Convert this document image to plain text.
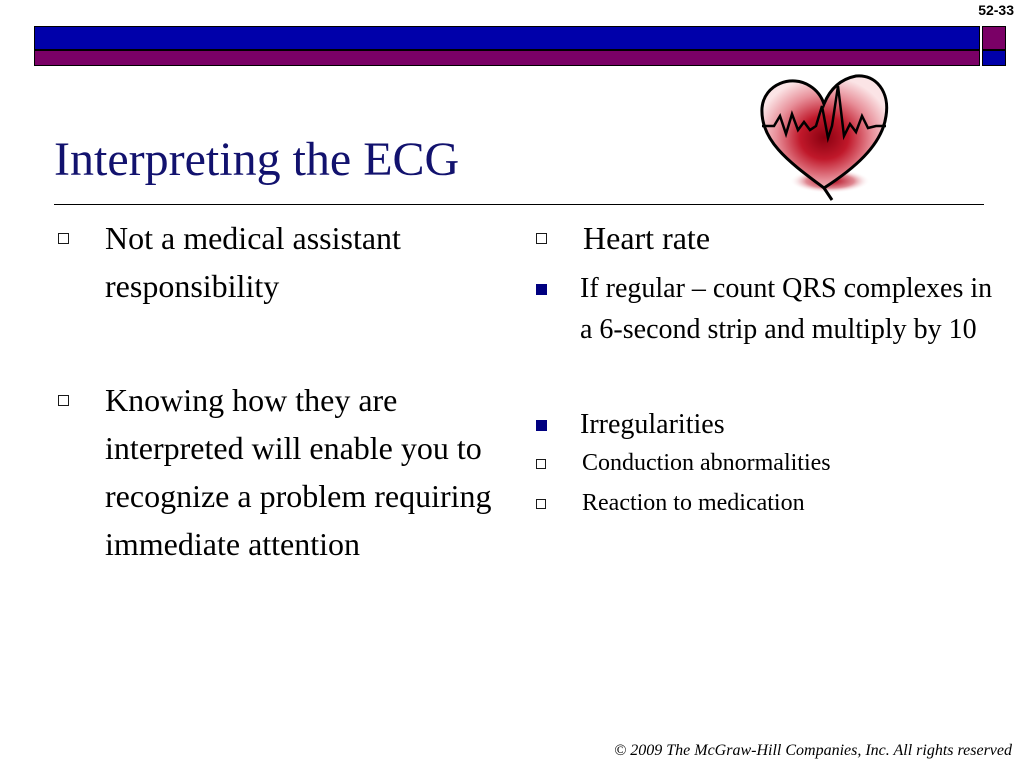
52-33
Interpreting the ECG
Not a medical assistant responsibility
Knowing how they are interpreted will enable you to recognize a problem requiring immediate attention
Heart rate
If regular – count QRS complexes in a 6-second strip and multiply by 10
Irregularities
Conduction abnormalities
Reaction to medication
© 2009 The McGraw-Hill Companies, Inc. All rights reserved
